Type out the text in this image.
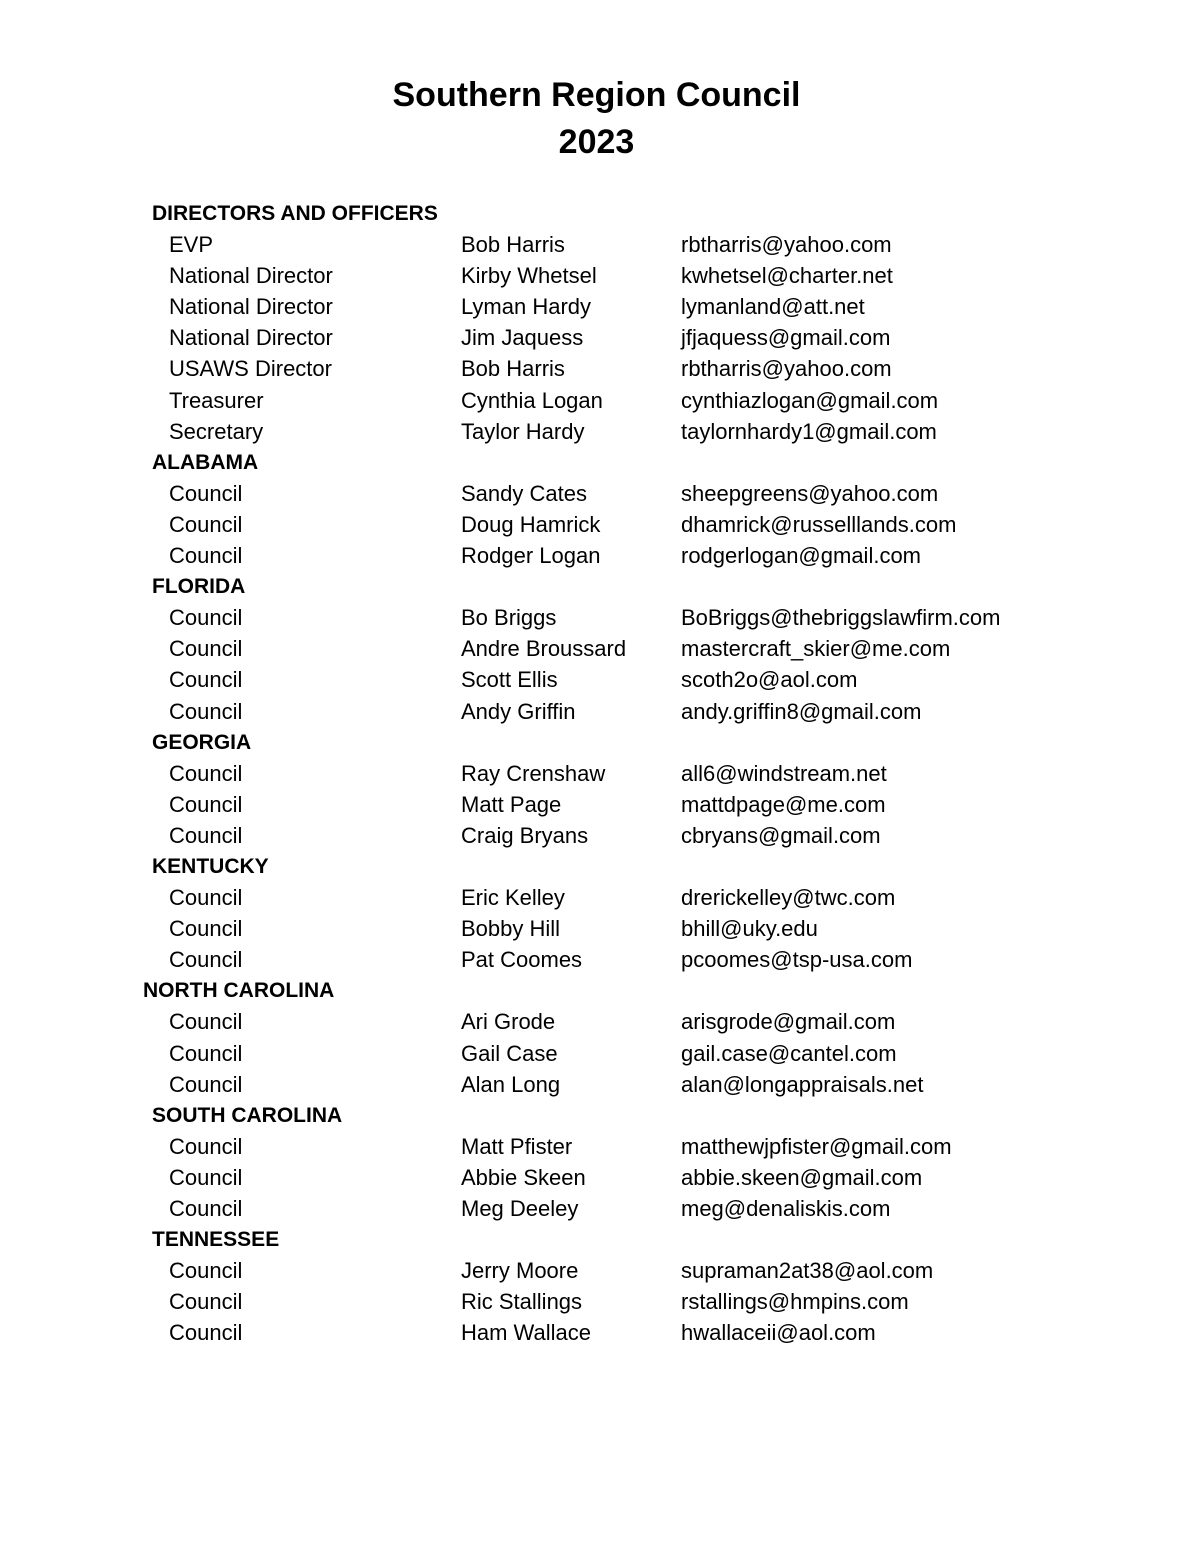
Southern Region Council
2023
DIRECTORS AND OFFICERS
EVP	Bob Harris	rbtharris@yahoo.com
National Director	Kirby Whetsel	kwhetsel@charter.net
National Director	Lyman Hardy	lymanland@att.net
National Director	Jim Jaquess	jfjaquess@gmail.com
USAWS Director	Bob Harris	rbtharris@yahoo.com
Treasurer	Cynthia Logan	cynthiazlogan@gmail.com
Secretary	Taylor Hardy	taylornhardy1@gmail.com
ALABAMA
Council	Sandy Cates	sheepgreens@yahoo.com
Council	Doug Hamrick	dhamrick@russelllands.com
Council	Rodger Logan	rodgerlogan@gmail.com
FLORIDA
Council	Bo Briggs	BoBriggs@thebriggslawfirm.com
Council	Andre Broussard mastercraft_skier@me.com
Council	Scott Ellis	scoth2o@aol.com
Council	Andy Griffin	andy.griffin8@gmail.com
GEORGIA
Council	Ray Crenshaw	all6@windstream.net
Council	Matt Page	mattdpage@me.com
Council	Craig Bryans	cbryans@gmail.com
KENTUCKY
Council	Eric Kelley	drerickelley@twc.com
Council	Bobby Hill	bhill@uky.edu
Council	Pat Coomes	pcoomes@tsp-usa.com
NORTH CAROLINA
Council	Ari Grode	arisgrode@gmail.com
Council	Gail Case	gail.case@cantel.com
Council	Alan Long	alan@longappraisals.net
SOUTH CAROLINA
Council	Matt Pfister	matthewjpfister@gmail.com
Council	Abbie Skeen	abbie.skeen@gmail.com
Council	Meg Deeley	meg@denaliskis.com
TENNESSEE
Council	Jerry Moore	supraman2at38@aol.com
Council	Ric Stallings	rstallings@hmpins.com
Council	Ham Wallace	hwallaceii@aol.com
